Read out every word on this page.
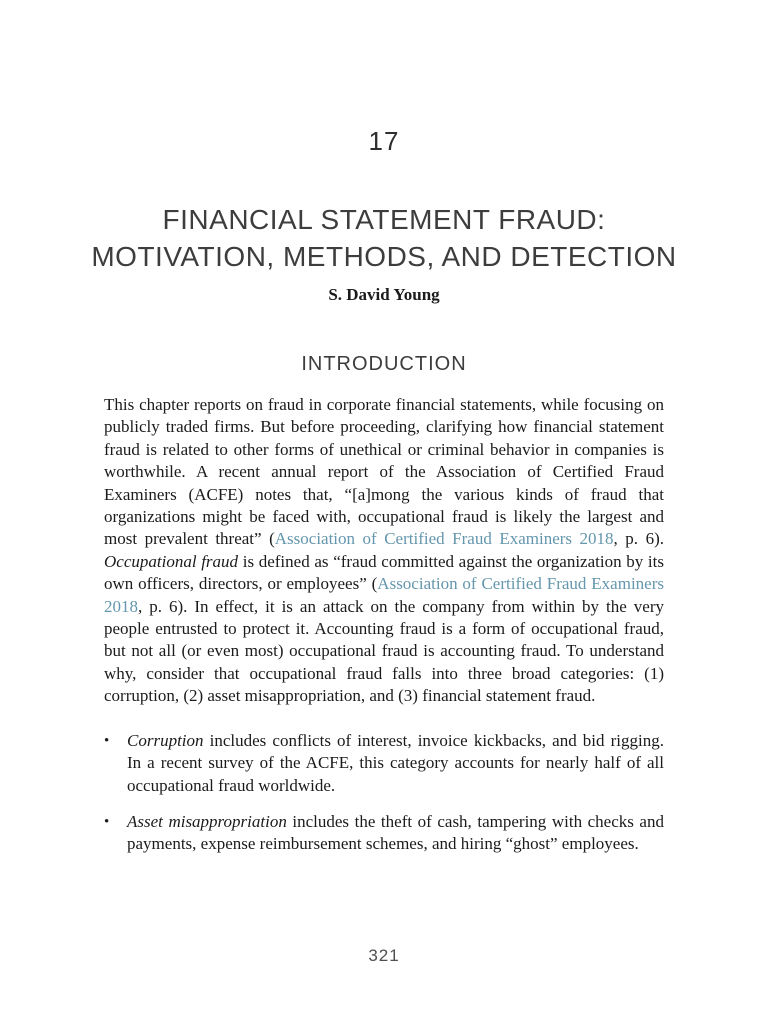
17
FINANCIAL STATEMENT FRAUD:
MOTIVATION, METHODS, AND DETECTION
S. David Young
INTRODUCTION
This chapter reports on fraud in corporate financial statements, while focusing on publicly traded firms. But before proceeding, clarifying how financial statement fraud is related to other forms of unethical or criminal behavior in companies is worthwhile. A recent annual report of the Association of Certified Fraud Examiners (ACFE) notes that, “[a]mong the various kinds of fraud that organizations might be faced with, occupational fraud is likely the largest and most prevalent threat” (Association of Certified Fraud Examiners 2018, p. 6). Occupational fraud is defined as “fraud committed against the organization by its own officers, directors, or employees” (Association of Certified Fraud Examiners 2018, p. 6). In effect, it is an attack on the company from within by the very people entrusted to protect it. Accounting fraud is a form of occupational fraud, but not all (or even most) occupational fraud is accounting fraud. To understand why, consider that occupational fraud falls into three broad categories: (1) corruption, (2) asset misappropriation, and (3) financial statement fraud.
•	Corruption includes conflicts of interest, invoice kickbacks, and bid rigging. In a recent survey of the ACFE, this category accounts for nearly half of all occupational fraud worldwide.
•	Asset misappropriation includes the theft of cash, tampering with checks and payments, expense reimbursement schemes, and hiring “ghost” employees.
321
